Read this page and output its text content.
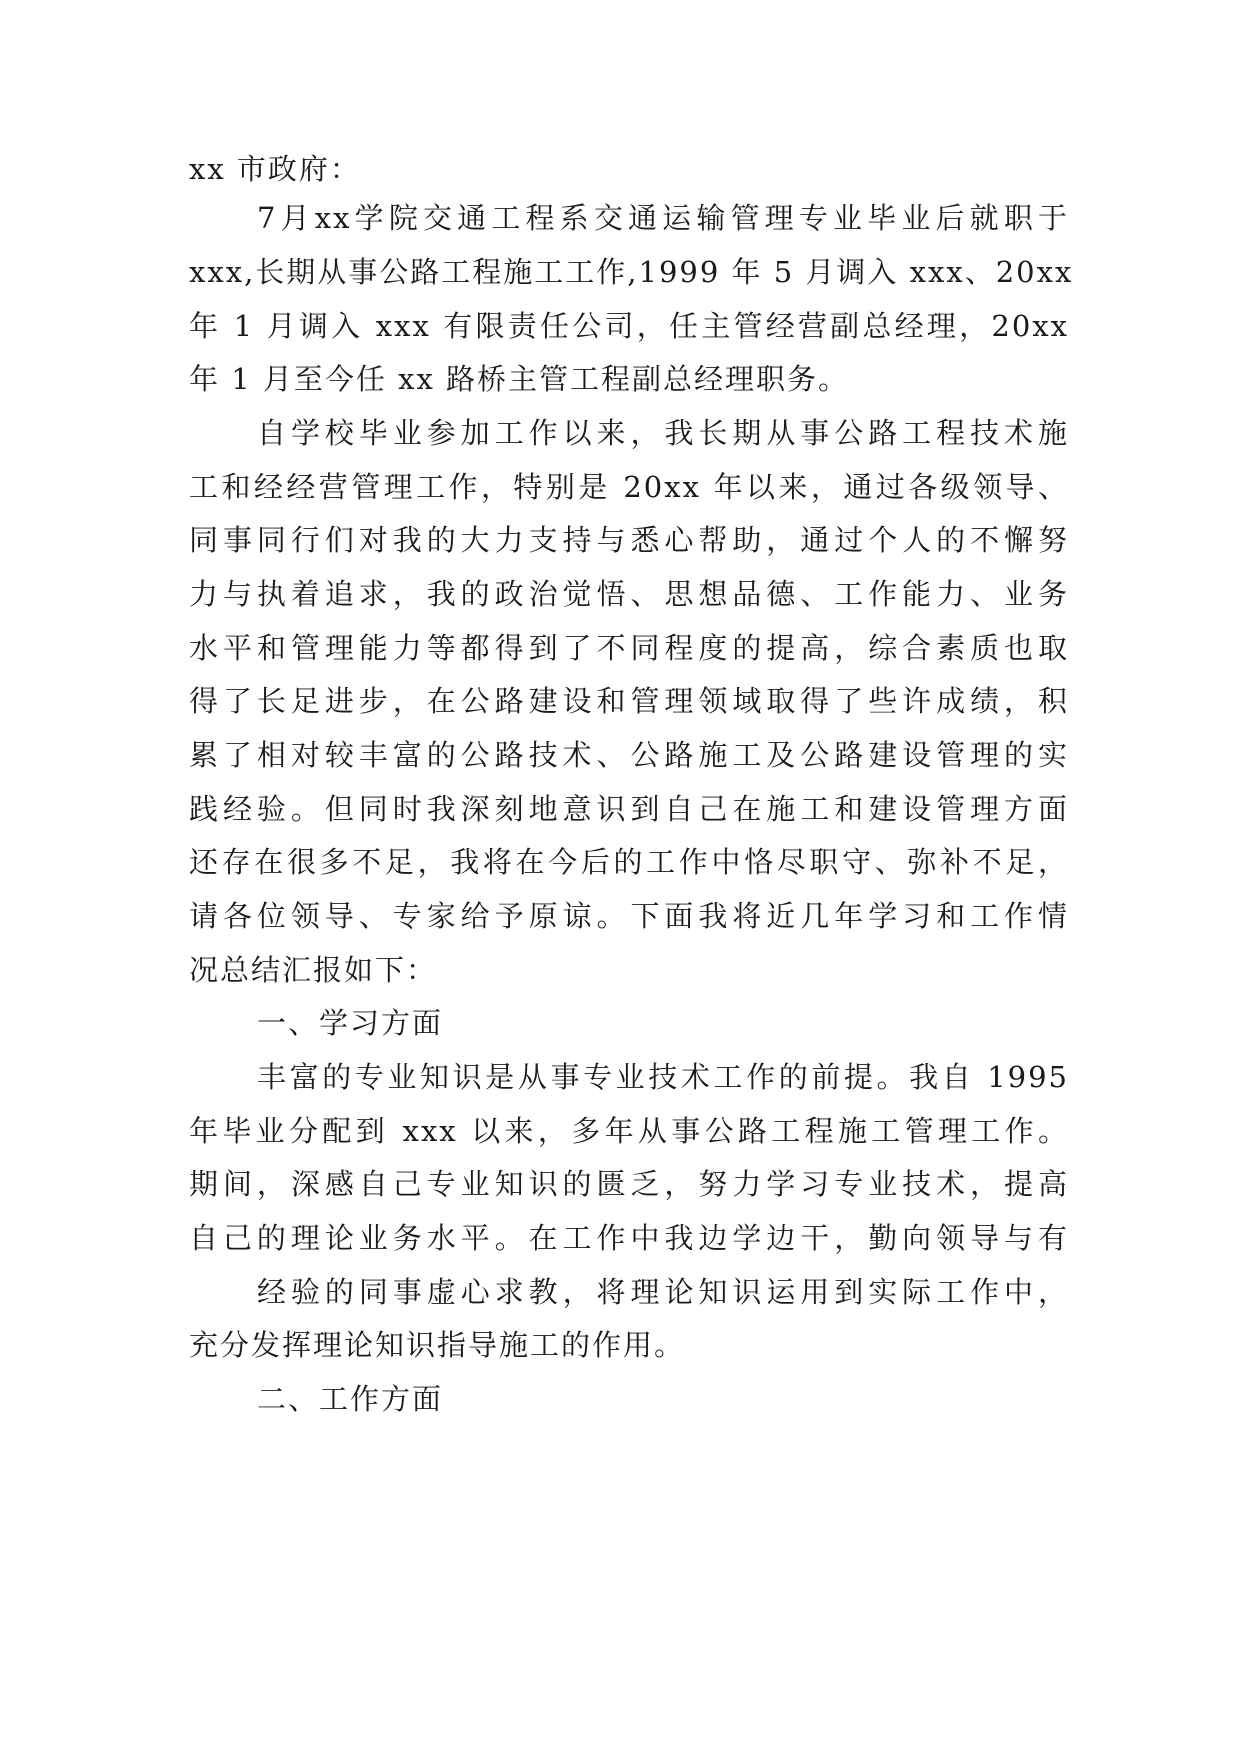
xx 市政府：
7月xx学院交通工程系交通运输管理专业毕业后就职于
xxx,长期从事公路工程施工工作,1999 年 5 月调入 xxx、20xx
年 1 月调入 xxx 有限责任公司，任主管经营副总经理，20xx
年 1 月至今任 xx 路桥主管工程副总经理职务。
自学校毕业参加工作以来，我长期从事公路工程技术施
工和经经营管理工作，特别是 20xx 年以来，通过各级领导、
同事同行们对我的大力支持与悉心帮助，通过个人的不懈努
力与执着追求，我的政治觉悟、思想品德、工作能力、业务
水平和管理能力等都得到了不同程度的提高，综合素质也取
得了长足进步，在公路建设和管理领域取得了些许成绩，积
累了相对较丰富的公路技术、公路施工及公路建设管理的实
践经验。但同时我深刻地意识到自己在施工和建设管理方面
还存在很多不足，我将在今后的工作中恪尽职守、弥补不足，
请各位领导、专家给予原谅。下面我将近几年学习和工作情
况总结汇报如下：
一、学习方面
丰富的专业知识是从事专业技术工作的前提。我自 1995
年毕业分配到 xxx 以来，多年从事公路工程施工管理工作。
期间，深感自己专业知识的匮乏，努力学习专业技术，提高
自己的理论业务水平。在工作中我边学边干，勤向领导与有
经验的同事虚心求教，将理论知识运用到实际工作中，
充分发挥理论知识指导施工的作用。
二、工作方面
